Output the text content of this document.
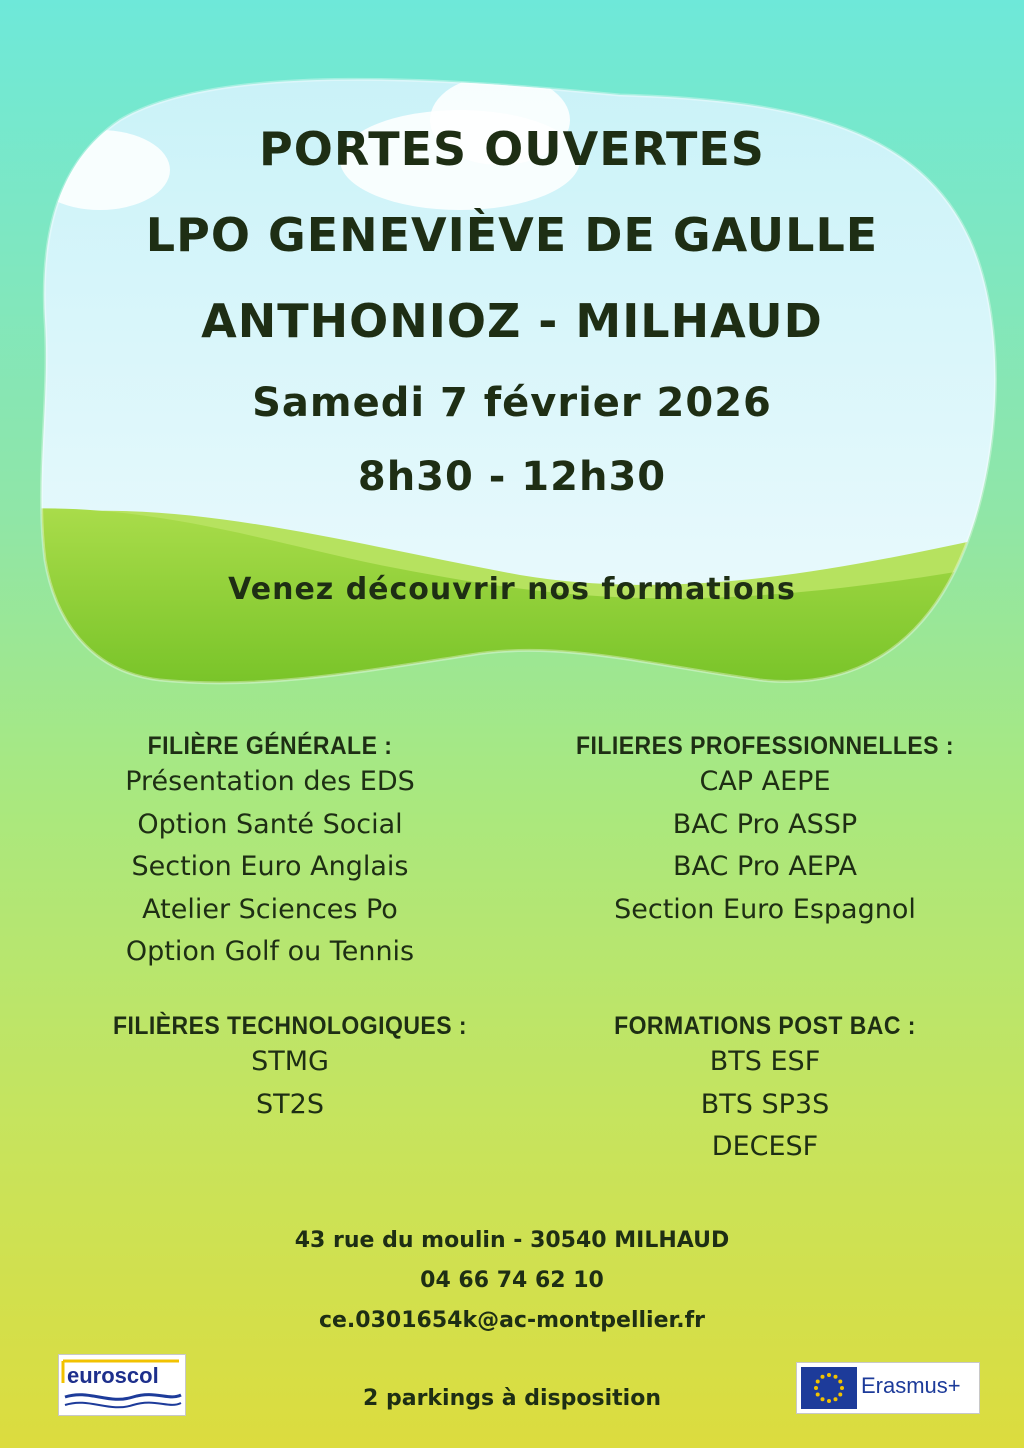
PORTES OUVERTES
LPO GENEVIÈVE DE GAULLE
ANTHONIOZ - MILHAUD
Samedi 7 février 2026
8h30 - 12h30
Venez découvrir nos formations
FILIÈRE GÉNÉRALE :
Présentation des EDS
Option Santé Social
Section Euro Anglais
Atelier Sciences Po
Option Golf ou Tennis
FILIERES PROFESSIONNELLES :
CAP AEPE
BAC Pro ASSP
BAC Pro AEPA
Section Euro Espagnol
FILIÈRES TECHNOLOGIQUES :
STMG
ST2S
FORMATIONS POST BAC :
BTS ESF
BTS SP3S
DECESF
43 rue du moulin - 30540 MILHAUD
04 66 74 62 10
ce.0301654k@ac-montpellier.fr
2 parkings à disposition
euroscol	Erasmus+
